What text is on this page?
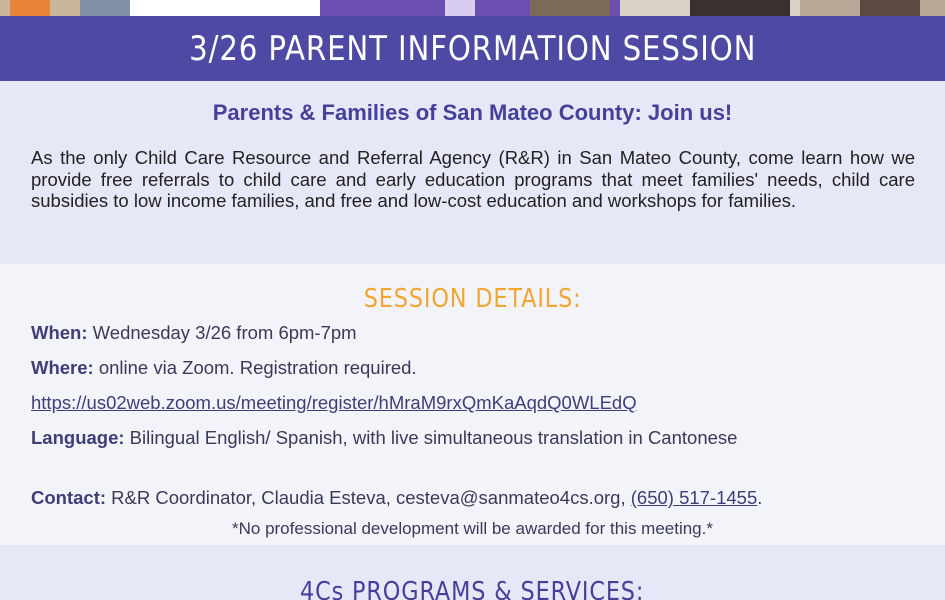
3/26 PARENT INFORMATION SESSION
Parents & Families of San Mateo County: Join us!
As the only Child Care Resource and Referral Agency (R&R) in San Mateo County, come learn how we provide free referrals to child care and early education programs that meet families' needs, child care subsidies to low income families, and free and low-cost education and workshops for families.
SESSION DETAILS:
When: Wednesday 3/26 from 6pm-7pm
Where: online via Zoom. Registration required.
https://us02web.zoom.us/meeting/register/hMraM9rxQmKaAqdQ0WLEdQ
Language: Bilingual English/ Spanish, with live simultaneous translation in Cantonese
Contact: R&R Coordinator, Claudia Esteva, cesteva@sanmateo4cs.org, (650) 517-1455.
*No professional development will be awarded for this meeting.*
4Cs PROGRAMS & SERVICES:
